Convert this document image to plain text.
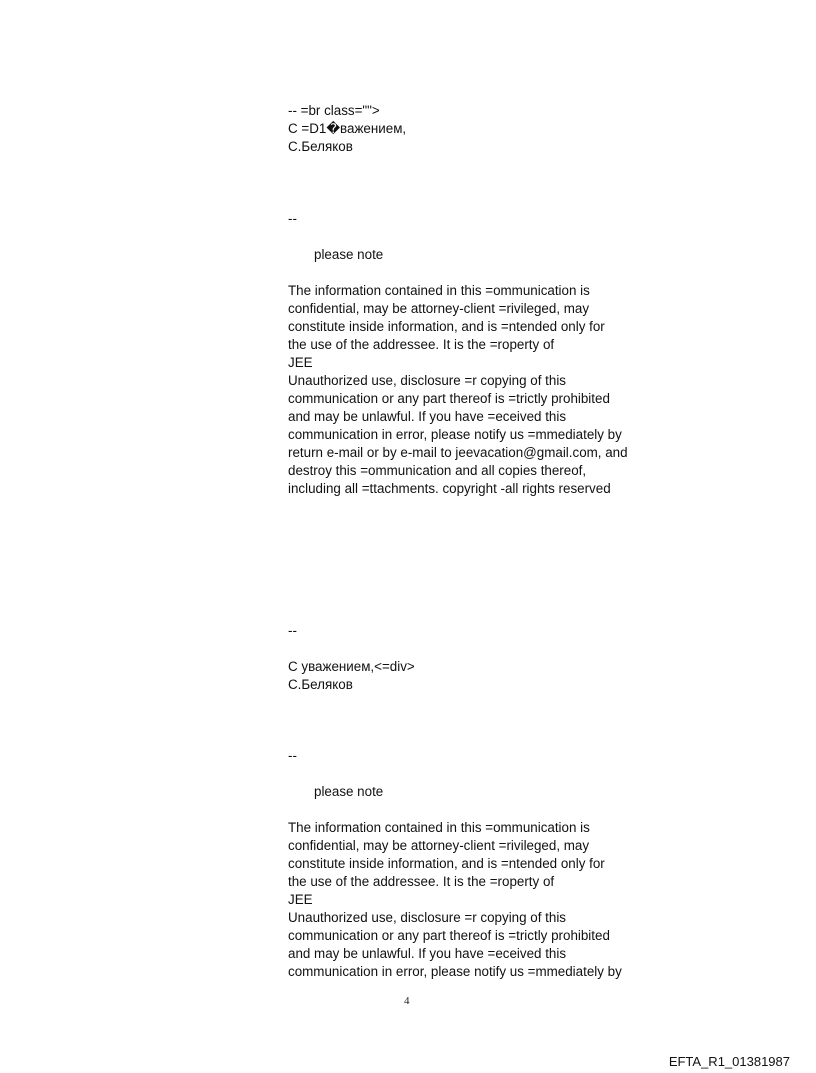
-- =br class="">
С =D1�важением,
С.Беляков
--
please note
The information contained in this =ommunication is
confidential, may be attorney-client =rivileged, may
constitute inside information, and is =ntended only for
the use of the addressee. It is the =roperty of
JEE
Unauthorized use, disclosure =r copying of this
communication or any part thereof is =trictly prohibited
and may be unlawful. If you have =eceived this
communication in error, please notify us =mmediately by
return e-mail or by e-mail to jeevacation@gmail.com, and
destroy this =ommunication and all copies thereof,
including all =ttachments. copyright -all rights reserved
--
С уважением,<=div>
С.Беляков
--
please note
The information contained in this =ommunication is
confidential, may be attorney-client =rivileged, may
constitute inside information, and is =ntended only for
the use of the addressee. It is the =roperty of
JEE
Unauthorized use, disclosure =r copying of this
communication or any part thereof is =trictly prohibited
and may be unlawful. If you have =eceived this
communication in error, please notify us =mmediately by
4
EFTA_R1_01381987
